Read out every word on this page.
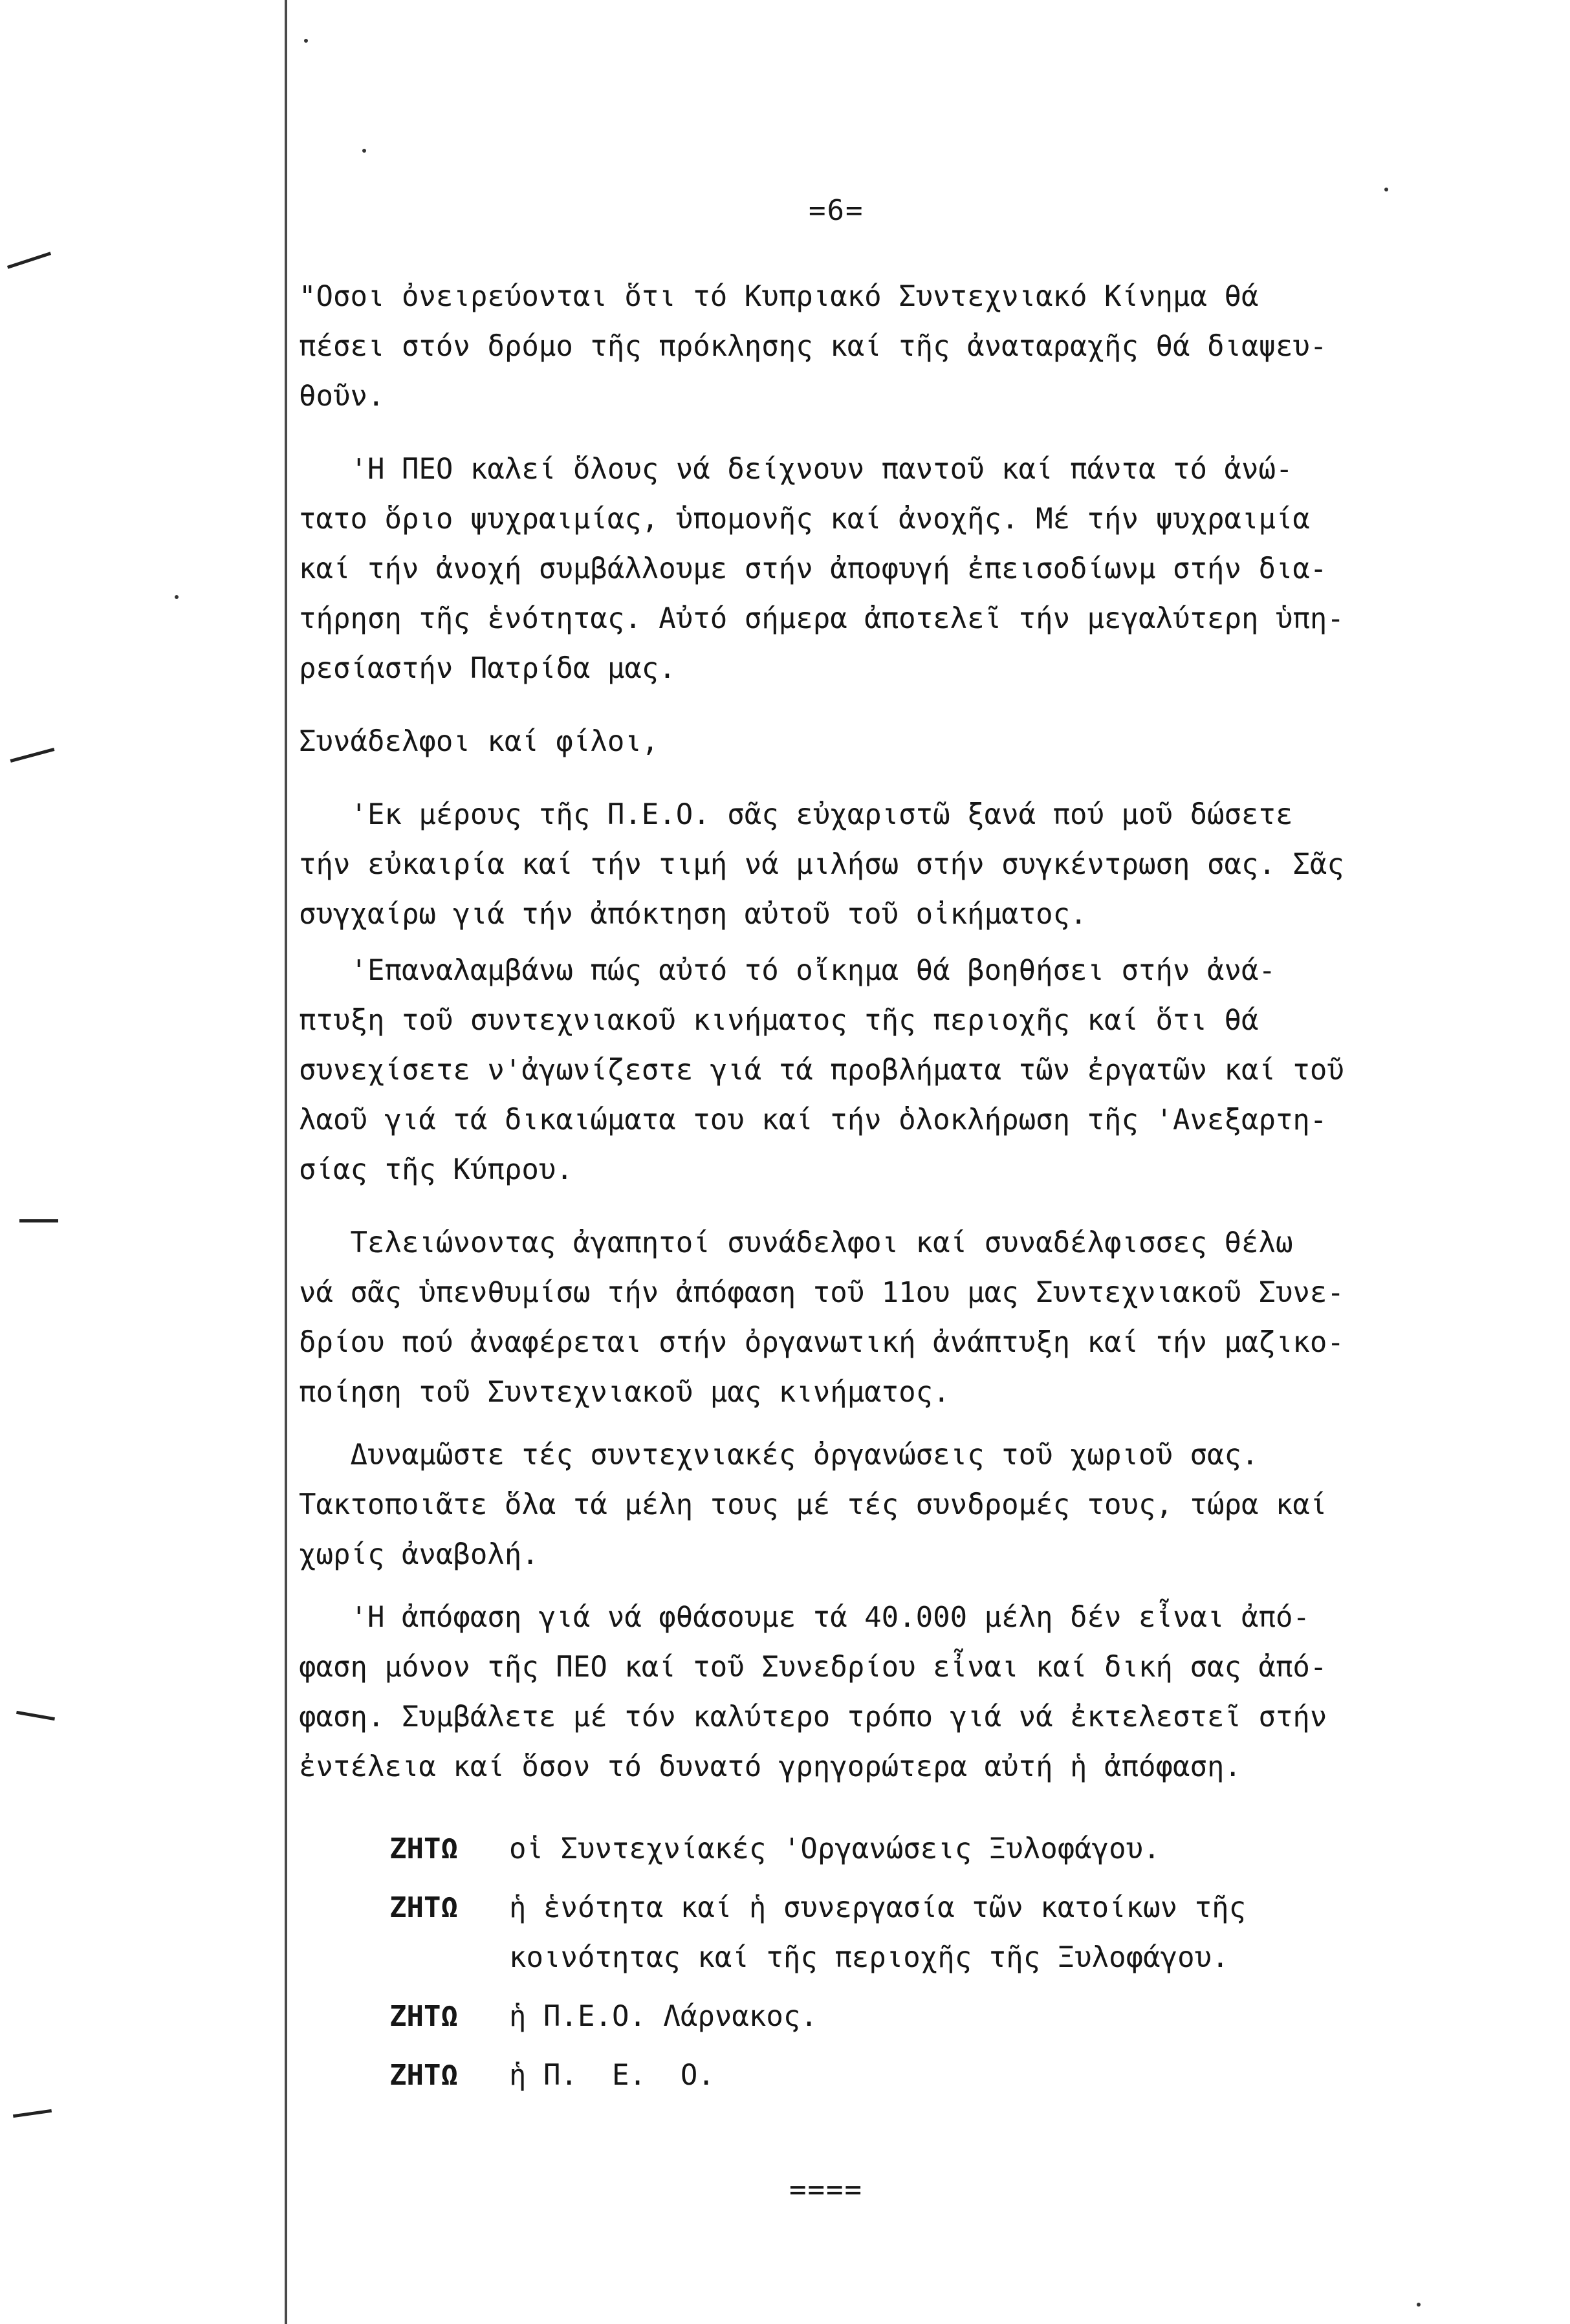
=6=

"Οσοι ὀνειρεύονται ὅτι τό Κυπριακό Συντεχνιακό Κίνημα θά
πέσει στόν δρόμο τῆς πρόκλησης καί τῆς ἀναταραχῆς θά διαψευ-
θοῦν.

'Η ΠΕΟ καλεί ὅλους νά δείχνουν παντοῦ καί πάντα τό ἀνώ-
τατο ὅριο ψυχραιμίας, ὑπομονῆς καί ἀνοχῆς. Μέ τήν ψυχραιμία
καί τήν ἀνοχή συμβάλλουμε στήν ἀποφυγή ἐπεισοδίωνμ στήν δια-
τήρηση τῆς ἑνότητας. Αὐτό σήμερα ἀποτελεῖ τήν μεγαλύτερη ὑπη-
ρεσίαστήν Πατρίδα μας.

Συνάδελφοι καί φίλοι,

'Εκ μέρους τῆς Π.Ε.Ο. σᾶς εὐχαριστῶ ξανά πού μοῦ δώσετε
τήν εὐκαιρία καί τήν τιμή νά μιλήσω στήν συγκέντρωση σας. Σᾶς
συγχαίρω γιά τήν ἀπόκτηση αὐτοῦ τοῦ οἰκήματος.

'Επαναλαμβάνω πώς αὐτό τό οἴκημα θά βοηθήσει στήν ἀνά-
πτυξη τοῦ συντεχνιακοῦ κινήματος τῆς περιοχῆς καί ὅτι θά
συνεχίσετε ν'ἀγωνίζεστε γιά τά προβλήματα τῶν ἐργατῶν καί τοῦ
λαοῦ γιά τά δικαιώματα του καί τήν ὁλοκλήρωση τῆς 'Ανεξαρτη-
σίας τῆς Κύπρου.

Τελειώνοντας ἀγαπητοί συνάδελφοι καί συναδέλφισσες θέλω
νά σᾶς ὑπενθυμίσω τήν ἀπόφαση τοῦ 11ου μας Συντεχνιακοῦ Συνε-
δρίου πού ἀναφέρεται στήν ὀργανωτική ἀνάπτυξη καί τήν μαζικο-
ποίηση τοῦ Συντεχνιακοῦ μας κινήματος.

Δυναμῶστε τές συντεχνιακές ὀργανώσεις τοῦ χωριοῦ σας.
Τακτοποιᾶτε ὅλα τά μέλη τους μέ τές συνδρομές τους, τώρα καί
χωρίς ἀναβολή.

'Η ἀπόφαση γιά νά φθάσουμε τά 40.000 μέλη δέν εἶναι ἀπό-
φαση μόνον τῆς ΠΕΟ καί τοῦ Συνεδρίου εἶναι καί δική σας ἀπό-
φαση. Συμβάλετε μέ τόν καλύτερο τρόπο γιά νά ἐκτελεστεῖ στήν
ἐντέλεια καί ὅσον τό δυνατό γρηγορώτερα αὐτή ἡ ἀπόφαση.

ΖΗΤΩ	οἱ Συντεχνίακές 'Οργανώσεις Ξυλοφάγου.
ΖΗΤΩ	ἡ ἑνότητα καί ἡ συνεργασία τῶν κατοίκων τῆς
κοινότητας καί τῆς περιοχῆς τῆς Ξυλοφάγου.
ΖΗΤΩ	ἡ Π.Ε.Ο. Λάρνακος.
ΖΗΤΩ	ἡ Π.  Ε.  Ο.
====
